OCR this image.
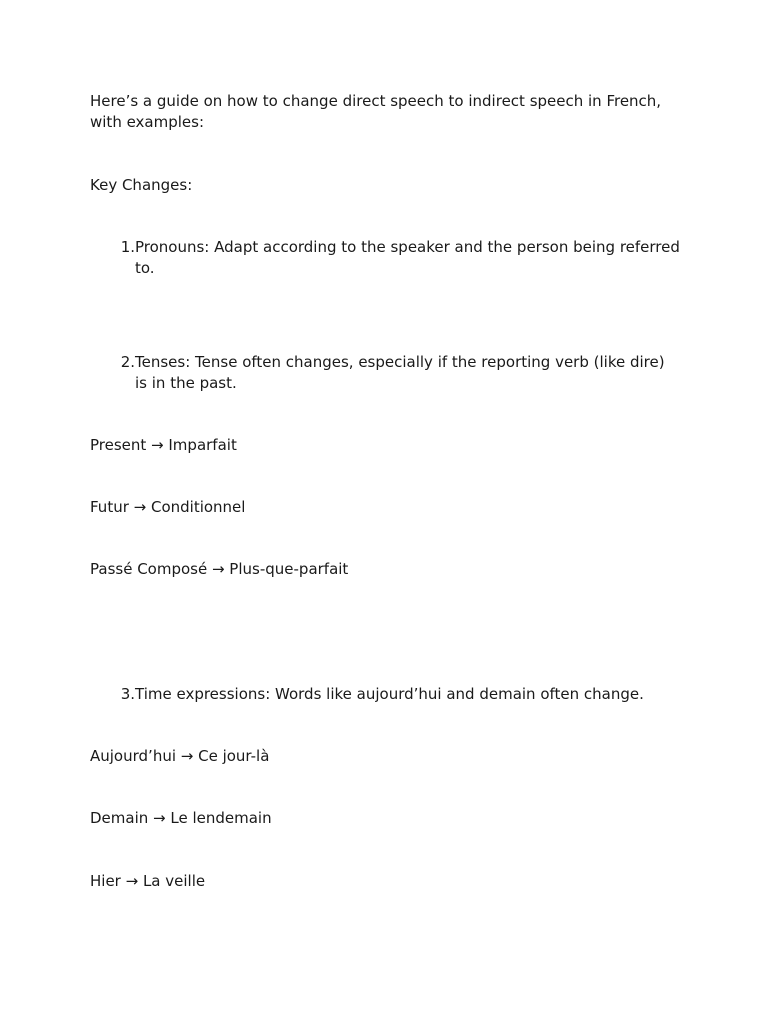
Here’s a guide on how to change direct speech to indirect speech in French, with examples:

Key Changes:

1. Pronouns: Adapt according to the speaker and the person being referred to.
2. Tenses: Tense often changes, especially if the reporting verb (like dire) is in the past.

Present → Imparfait

Futur → Conditionnel

Passé Composé → Plus-que-parfait

3. Time expressions: Words like aujourd’hui and demain often change.

Aujourd’hui → Ce jour-là

Demain → Le lendemain

Hier → La veille
